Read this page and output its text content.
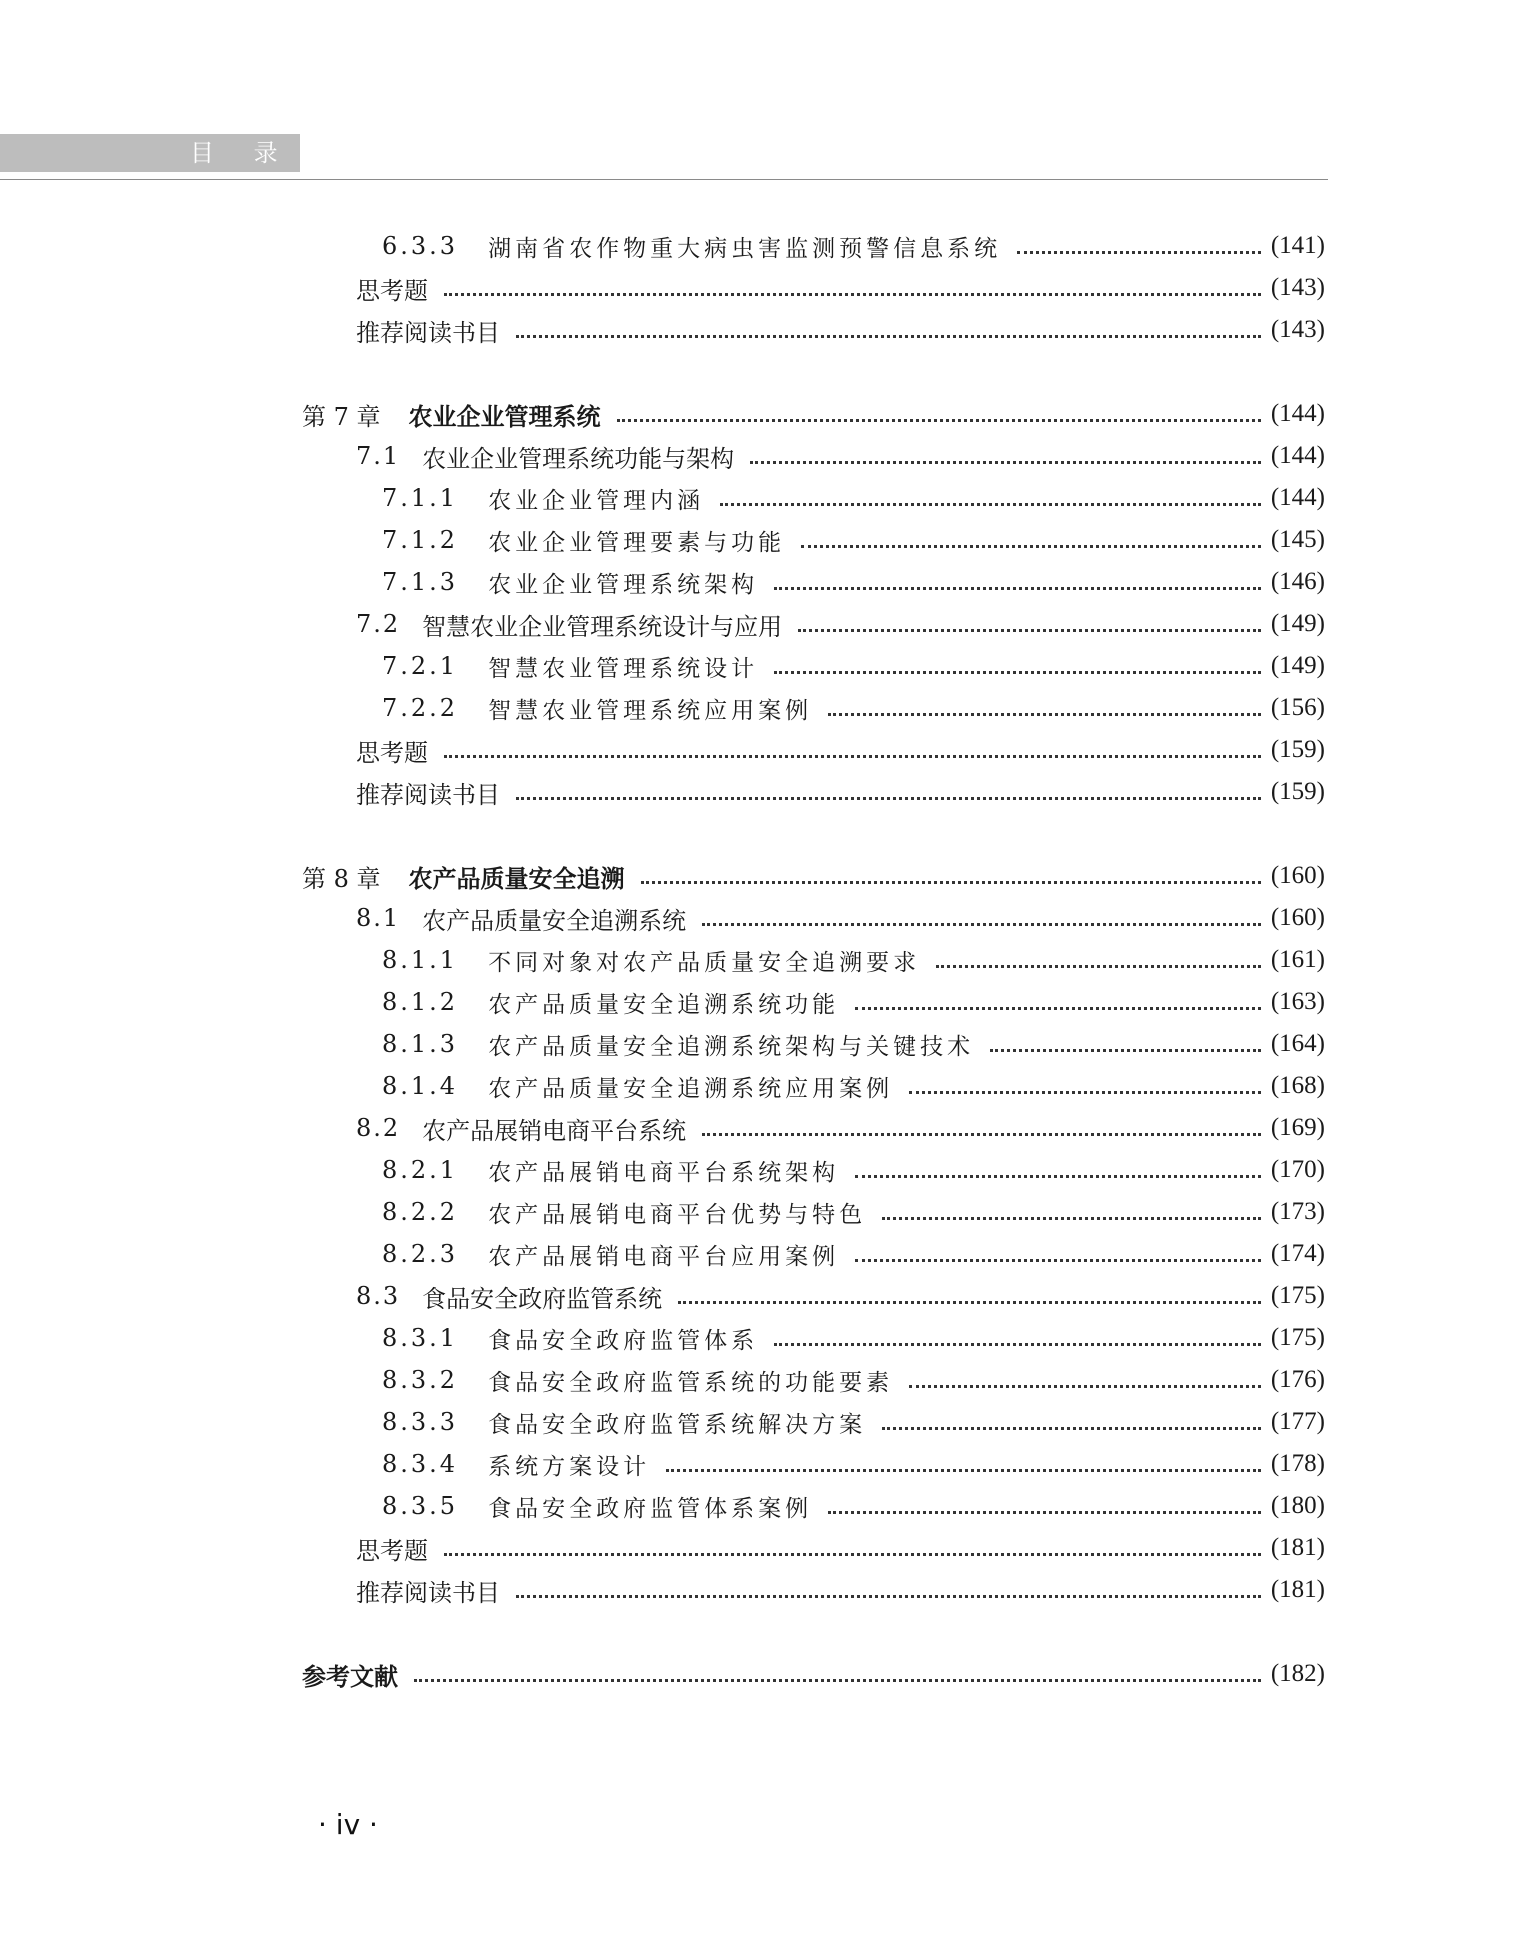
目 录
6.3.3 湖南省农作物重大病虫害监测预警信息系统	(141)
思考题	(143)
推荐阅读书目	(143)
第 7 章 农业企业管理系统	(144)
7.1 农业企业管理系统功能与架构	(144)
7.1.1 农业企业管理内涵	(144)
7.1.2 农业企业管理要素与功能	(145)
7.1.3 农业企业管理系统架构	(146)
7.2 智慧农业企业管理系统设计与应用	(149)
7.2.1 智慧农业管理系统设计	(149)
7.2.2 智慧农业管理系统应用案例	(156)
思考题	(159)
推荐阅读书目	(159)
第 8 章 农产品质量安全追溯	(160)
8.1 农产品质量安全追溯系统	(160)
8.1.1 不同对象对农产品质量安全追溯要求	(161)
8.1.2 农产品质量安全追溯系统功能	(163)
8.1.3 农产品质量安全追溯系统架构与关键技术	(164)
8.1.4 农产品质量安全追溯系统应用案例	(168)
8.2 农产品展销电商平台系统	(169)
8.2.1 农产品展销电商平台系统架构	(170)
8.2.2 农产品展销电商平台优势与特色	(173)
8.2.3 农产品展销电商平台应用案例	(174)
8.3 食品安全政府监管系统	(175)
8.3.1 食品安全政府监管体系	(175)
8.3.2 食品安全政府监管系统的功能要素	(176)
8.3.3 食品安全政府监管系统解决方案	(177)
8.3.4 系统方案设计	(178)
8.3.5 食品安全政府监管体系案例	(180)
思考题	(181)
推荐阅读书目	(181)
参考文献	(182)
· iv ·
